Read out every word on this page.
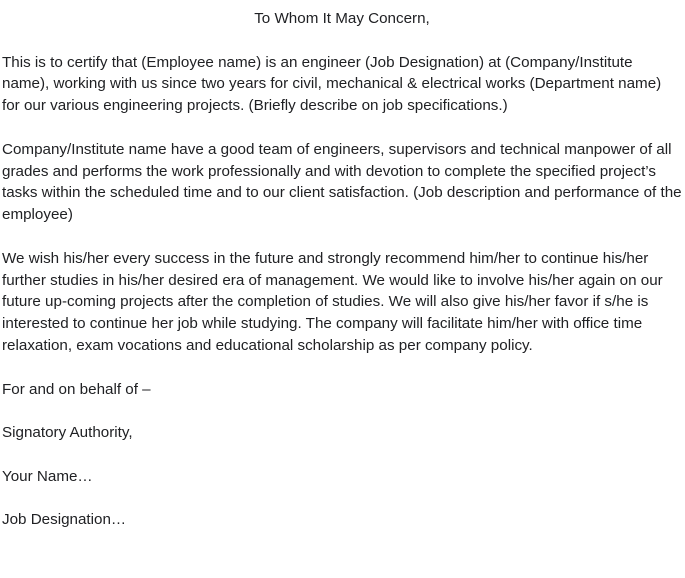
To Whom It May Concern,

This is to certify that (Employee name) is an engineer (Job Designation) at (Company/Institute name), working with us since two years for civil, mechanical & electrical works (Department name) for our various engineering projects. (Briefly describe on job specifications.)

Company/Institute name have a good team of engineers, supervisors and technical manpower of all grades and performs the work professionally and with devotion to complete the specified project’s tasks within the scheduled time and to our client satisfaction. (Job description and performance of the employee)

We wish his/her every success in the future and strongly recommend him/her to continue his/her further studies in his/her desired era of management. We would like to involve his/her again on our future up-coming projects after the completion of studies. We will also give his/her favor if s/he is interested to continue her job while studying. The company will facilitate him/her with office time relaxation, exam vocations and educational scholarship as per company policy.

For and on behalf of –

Signatory Authority,

Your Name…

Job Designation…
